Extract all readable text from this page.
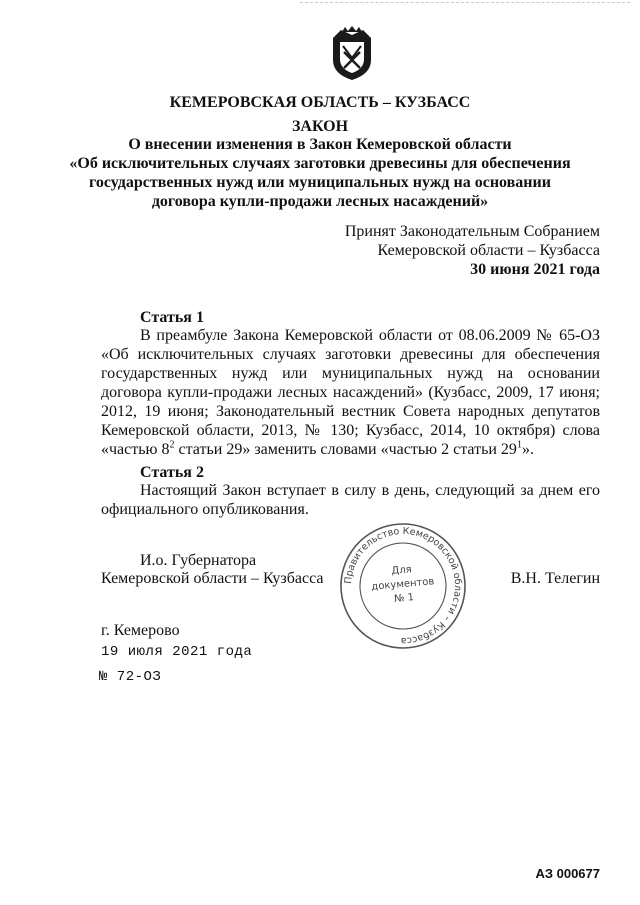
КЕМЕРОВСКАЯ ОБЛАСТЬ – КУЗБАСС
ЗАКОН
О внесении изменения в Закон Кемеровской области
«Об исключительных случаях заготовки древесины для обеспечения
государственных нужд или муниципальных нужд на основании
договора купли-продажи лесных насаждений»
Принят Законодательным Собранием
Кемеровской области – Кузбасса
30 июня 2021 года
Статья 1

В преамбуле Закона Кемеровской области от 08.06.2009 № 65-ОЗ «Об исключительных случаях заготовки древесины для обеспечения государственных нужд или муниципальных нужд на основании договора купли-продажи лесных насаждений» (Кузбасс, 2009, 17 июня; 2012, 19 июня; Законодательный вестник Совета народных депутатов Кемеровской области, 2013, № 130; Кузбасс, 2014, 10 октября) слова «частью $8^2$ статьи 29» заменить словами «частью 2 статьи $29^1$».

Статья 2

Настоящий Закон вступает в силу в день, следующий за днем его официального опубликования.

И.о. Губернатора
Кемеровской области – Кузбасса	В.Н. Телегин
Правительство Кемеровской области – Кузбасса
Для
документов
№ 1
г. Кемерово
19 июля 2021 года
№ 72-ОЗ
АЗ 000677
